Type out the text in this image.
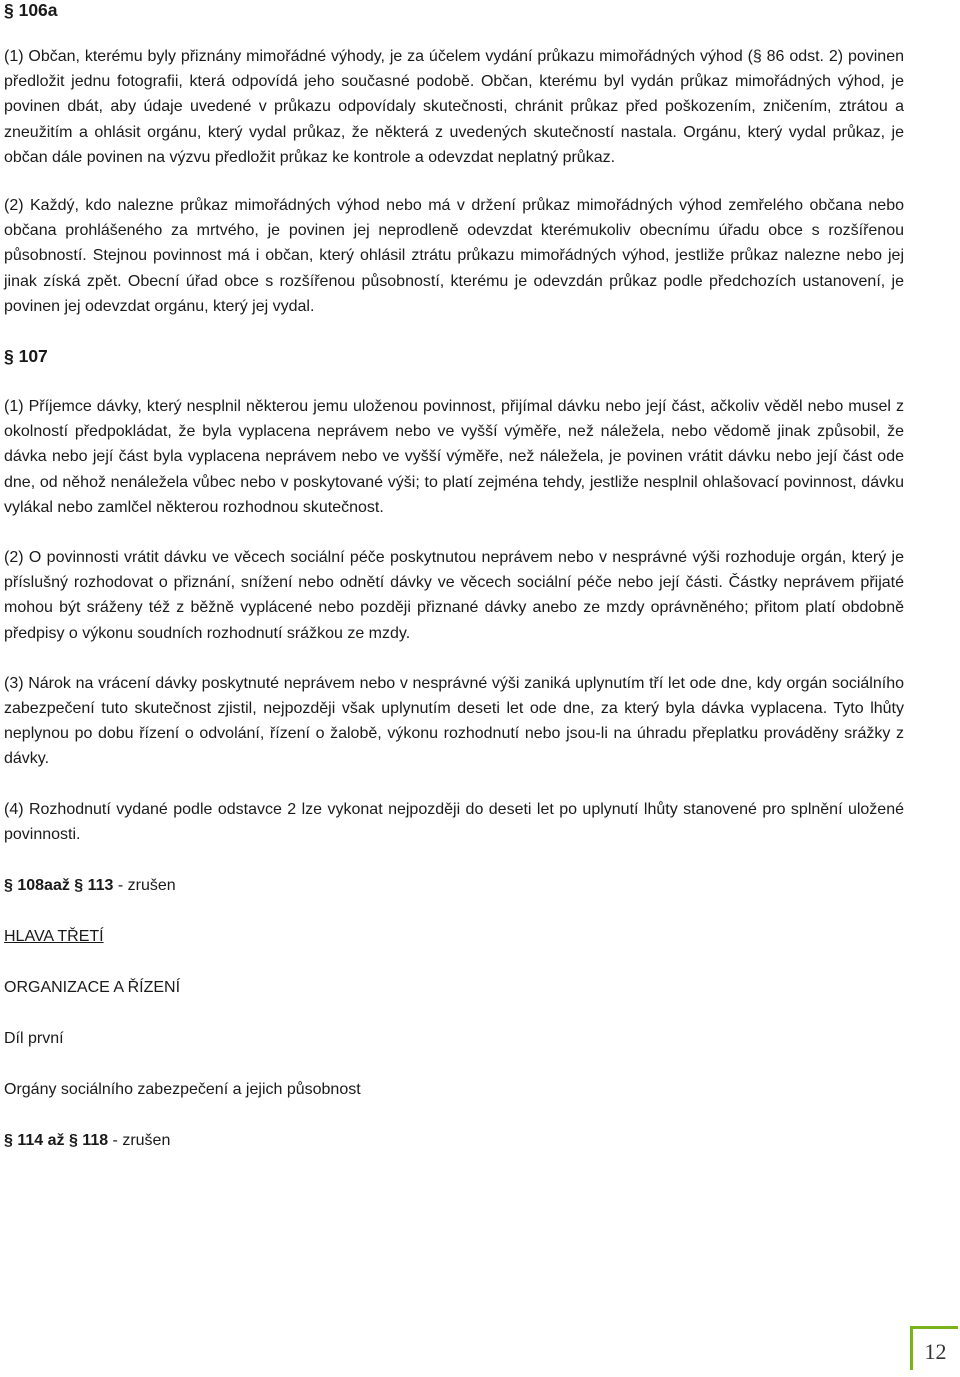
§ 106a

(1) Občan, kterému byly přiznány mimořádné výhody, je za účelem vydání průkazu mimořádných výhod (§ 86 odst. 2) povinen předložit jednu fotografii, která odpovídá jeho současné podobě. Občan, kterému byl vydán průkaz mimořádných výhod, je povinen dbát, aby údaje uvedené v průkazu odpovídaly skutečnosti, chránit průkaz před poškozením, zničením, ztrátou a zneužitím a ohlásit orgánu, který vydal průkaz, že některá z uvedených skutečností nastala. Orgánu, který vydal průkaz, je občan dále povinen na výzvu předložit průkaz ke kontrole a odevzdat neplatný průkaz.

(2) Každý, kdo nalezne průkaz mimořádných výhod nebo má v držení průkaz mimořádných výhod zemřelého občana nebo občana prohlášeného za mrtvého, je povinen jej neprodleně odevzdat kterémukoliv obecnímu úřadu obce s rozšířenou působností. Stejnou povinnost má i občan, který ohlásil ztrátu průkazu mimořádných výhod, jestliže průkaz nalezne nebo jej jinak získá zpět. Obecní úřad obce s rozšířenou působností, kterému je odevzdán průkaz podle předchozích ustanovení, je povinen jej odevzdat orgánu, který jej vydal.

§ 107

(1) Příjemce dávky, který nesplnil některou jemu uloženou povinnost, přijímal dávku nebo její část, ačkoliv věděl nebo musel z okolností předpokládat, že byla vyplacena neprávem nebo ve vyšší výměře, než náležela, nebo vědomě jinak způsobil, že dávka nebo její část byla vyplacena neprávem nebo ve vyšší výměře, než náležela, je povinen vrátit dávku nebo její část ode dne, od něhož nenáležela vůbec nebo v poskytované výši; to platí zejména tehdy, jestliže nesplnil ohlašovací povinnost, dávku vylákal nebo zamlčel některou rozhodnou skutečnost.

(2) O povinnosti vrátit dávku ve věcech sociální péče poskytnutou neprávem nebo v nesprávné výši rozhoduje orgán, který je příslušný rozhodovat o přiznání, snížení nebo odnětí dávky ve věcech sociální péče nebo její části. Částky neprávem přijaté mohou být sráženy též z běžně vyplácené nebo později přiznané dávky anebo ze mzdy oprávněného; přitom platí obdobně předpisy o výkonu soudních rozhodnutí srážkou ze mzdy.

(3) Nárok na vrácení dávky poskytnuté neprávem nebo v nesprávné výši zaniká uplynutím tří let ode dne, kdy orgán sociálního zabezpečení tuto skutečnost zjistil, nejpozději však uplynutím deseti let ode dne, za který byla dávka vyplacena. Tyto lhůty neplynou po dobu řízení o odvolání, řízení o žalobě, výkonu rozhodnutí nebo jsou-li na úhradu přeplatku prováděny srážky z dávky.

(4) Rozhodnutí vydané podle odstavce 2 lze vykonat nejpozději do deseti let po uplynutí lhůty stanovené pro splnění uložené povinnosti.

§ 108aaž § 113 - zrušen

HLAVA TŘETÍ

ORGANIZACE A ŘÍZENÍ

Díl první

Orgány sociálního zabezpečení a jejich působnost

§ 114 až § 118 - zrušen

12
